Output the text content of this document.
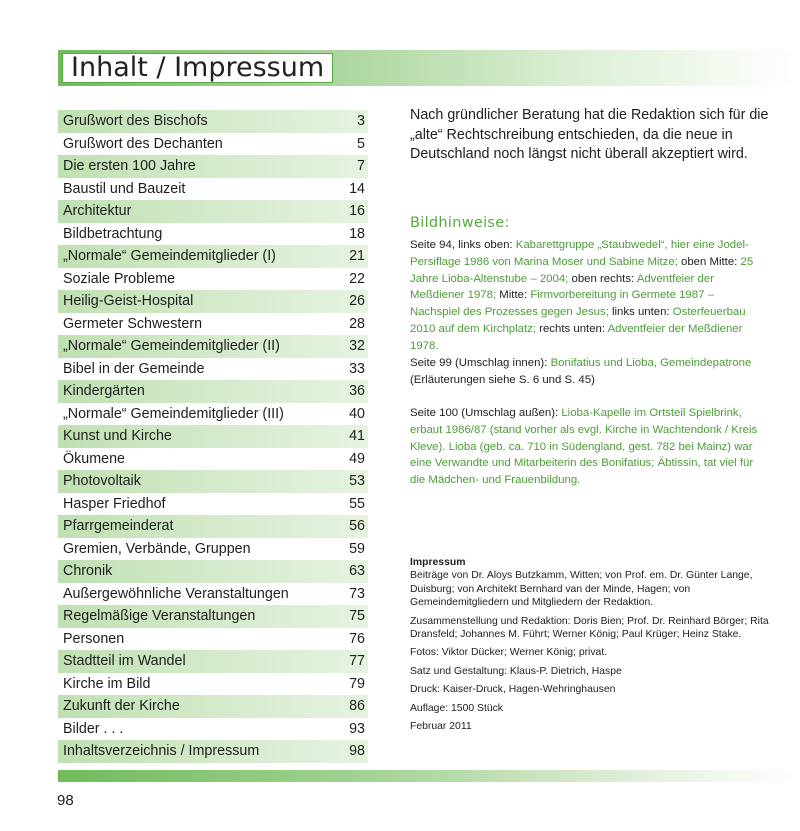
Inhalt / Impressum
Grußwort des Bischofs	3
Grußwort des Dechanten	5
Die ersten 100 Jahre	7
Baustil und Bauzeit	14
Architektur	16
Bildbetrachtung	18
„Normale“ Gemeindemitglieder (I)	21
Soziale Probleme	22
Heilig-Geist-Hospital	26
Germeter Schwestern	28
„Normale“ Gemeindemitglieder (II)	32
Bibel in der Gemeinde	33
Kindergärten	36
„Normale“ Gemeindemitglieder (III)	40
Kunst und Kirche	41
Ökumene	49
Photovoltaik	53
Hasper Friedhof	55
Pfarrgemeinderat	56
Gremien, Verbände, Gruppen	59
Chronik	63
Außergewöhnliche Veranstaltungen	73
Regelmäßige Veranstaltungen	75
Personen	76
Stadtteil im Wandel	77
Kirche im Bild	79
Zukunft der Kirche	86
Bilder . . .	93
Inhaltsverzeichnis / Impressum	98
Nach gründlicher Beratung hat die Redaktion sich für die „alte“ Rechtschreibung entschieden, da die neue in Deutschland noch längst nicht überall akzeptiert wird.
Bildhinweise:
Seite 94, links oben: Kabarettgruppe „Staubwedel“, hier eine Jodel-Persiflage 1986 von Marina Moser und Sabine Mitze; oben Mitte: 25 Jahre Lioba-Altenstube – 2004; oben rechts: Adventfeier der Meßdiener 1978; Mitte: Firmvorbereitung in Germete 1987 – Nachspiel des Prozesses gegen Jesus; links unten: Osterfeuerbau 2010 auf dem Kirchplatz; rechts unten: Adventfeier der Meßdiener 1978.
Seite 99 (Umschlag innen): Bonifatius und Lioba, Gemeindepatrone (Erläuterungen siehe S. 6 und S. 45)
Seite 100 (Umschlag außen): Lioba-Kapelle im Ortsteil Spielbrink, erbaut 1986/87 (stand vorher als evgl. Kirche in Wachtendonk / Kreis Kleve). Lioba (geb. ca. 710 in Südengland, gest. 782 bei Mainz) war eine Verwandte und Mitarbeiterin des Bonifatius; Äbtissin, tat viel für die Mädchen- und Frauenbildung.
Impressum

Beiträge von Dr. Aloys Butzkamm, Witten; von Prof. em. Dr. Günter Lange, Duisburg; von Architekt Bernhard van der Minde, Hagen; von Gemeindemitgliedern und Mitgliedern der Redaktion.

Zusammenstellung und Redaktion: Doris Bien; Prof. Dr. Reinhard Börger; Rita Dransfeld; Johannes M. Führt; Werner König; Paul Krüger; Heinz Stake.

Fotos: Viktor Dücker; Werner König; privat.

Satz und Gestaltung: Klaus-P. Dietrich, Haspe

Druck: Kaiser-Druck, Hagen-Wehringhausen

Auflage: 1500 Stück

Februar 2011

98
